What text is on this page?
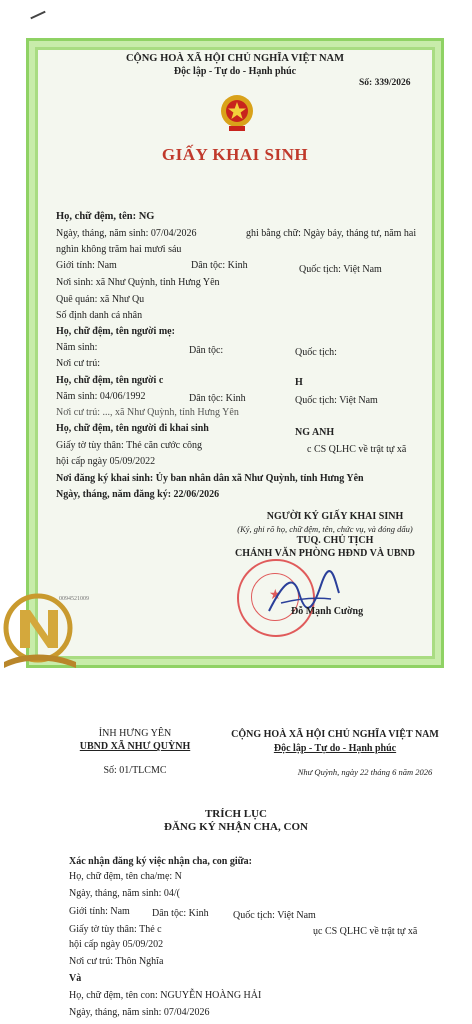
CỘNG HOÀ XÃ HỘI CHỦ NGHĨA VIỆT NAM
Độc lập - Tự do - Hạnh phúc
Số: 339/2026
GIẤY KHAI SINH
Họ, chữ đệm, tên: NG
Ngày, tháng, năm sinh: 07/04/2026	ghi bằng chữ: Ngày bảy, tháng tư, năm hai
nghìn không trăm hai mươi sáu
Giới tính: Nam	Dân tộc: Kinh	Quốc tịch: Việt Nam
Nơi sinh: xã Như Quỳnh, tỉnh Hưng Yên
Quê quán: xã Như Qu
Số định danh cá nhân
Họ, chữ đệm, tên người mẹ:
Năm sinh:	Dân tộc:	Quốc tịch:
Nơi cư trú:
Họ, chữ đệm, tên người c	H
Năm sinh: 04/06/1992	Dân tộc: Kinh	Quốc tịch: Việt Nam
Nơi cư trú: ..., xã Như Quỳnh, tỉnh Hưng Yên
Họ, chữ đệm, tên người đi khai sinh	NG ANH
Giấy tờ tùy thân: Thẻ căn cước công	c CS QLHC về trật tự xã
hội cấp ngày 05/09/2022
Nơi đăng ký khai sinh: Ủy ban nhân dân xã Như Quỳnh, tỉnh Hưng Yên
Ngày, tháng, năm đăng ký: 22/06/2026
NGƯỜI KÝ GIẤY KHAI SINH
(Ký, ghi rõ họ, chữ đệm, tên, chức vụ, và đóng dấu)
TUQ. CHỦ TỊCH
CHÁNH VĂN PHÒNG HĐND VÀ UBND
★
Đỗ Mạnh Cường
0094521009
ỈNH HƯNG YÊN
UBND XÃ NHƯ QUỲNH
Số: 01/TLCMC
CỘNG HOÀ XÃ HỘI CHỦ NGHĨA VIỆT NAM
Độc lập - Tự do - Hạnh phúc
Như Quỳnh, ngày 22 tháng 6 năm 2026
TRÍCH LỤC
ĐĂNG KÝ NHẬN CHA, CON
Xác nhận đăng ký việc nhận cha, con giữa:
Họ, chữ đệm, tên cha/mẹ: N
Ngày, tháng, năm sinh: 04/(
Giới tính: Nam Dân tộc: Kinh Quốc tịch: Việt Nam
Giấy tờ tùy thân: Thẻ c	ục CS QLHC về trật tự xã
hội cấp ngày 05/09/202
Nơi cư trú: Thôn Nghĩa
Và
Họ, chữ đệm, tên con: NGUYỄN HOÀNG HẢI
Ngày, tháng, năm sinh: 07/04/2026
